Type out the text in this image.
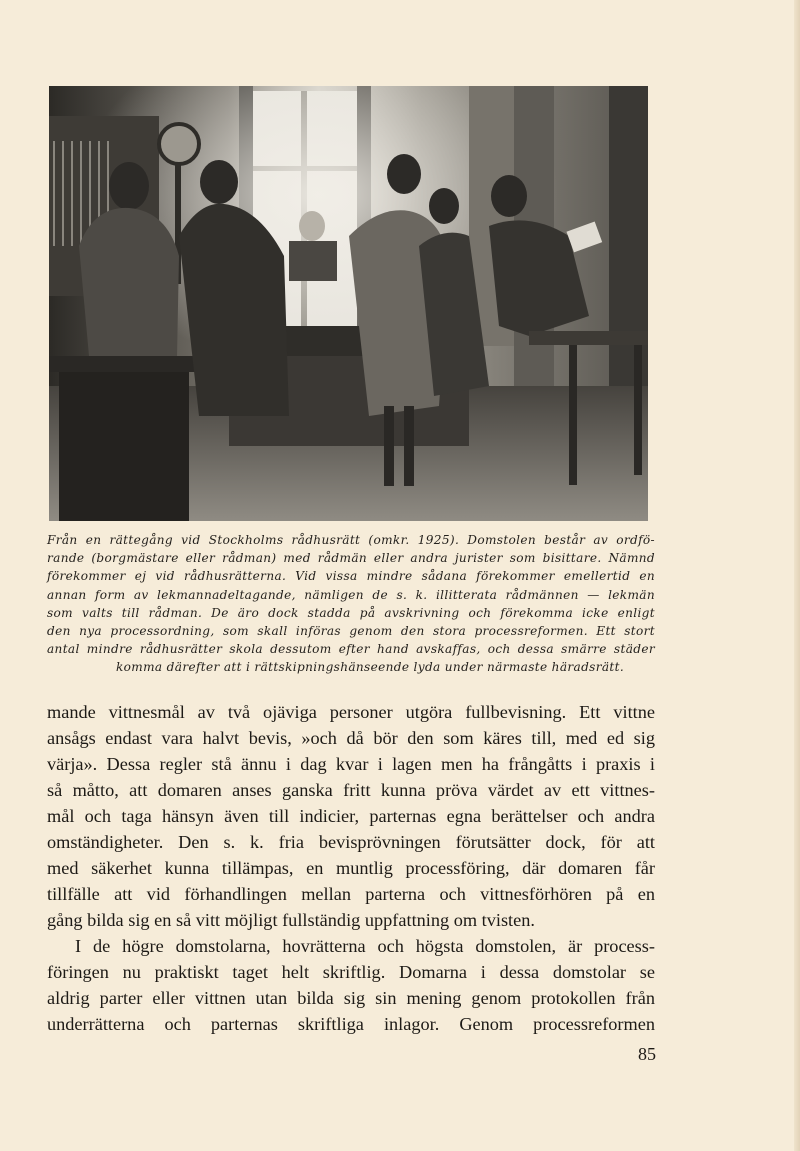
Från en rättegång vid Stockholms rådhusrätt (omkr. 1925). Domstolen består av ordfö-
rande (borgmästare eller rådman) med rådmän eller andra jurister som bisittare. Nämnd
förekommer ej vid rådhusrätterna. Vid vissa mindre sådana förekommer emellertid en
annan form av lekmannadeltagande, nämligen de s. k. illitterata rådmännen — lekmän
som valts till rådman. De äro dock stadda på avskrivning och förekomma icke enligt
den nya processordning, som skall införas genom den stora processreformen. Ett stort
antal mindre rådhusrätter skola dessutom efter hand avskaffas, och dessa smärre städer
komma därefter att i rättskipningshänseende lyda under närmaste häradsrätt.

mande vittnesmål av två ojäviga personer utgöra fullbevisning. Ett vittne
ansågs endast vara halvt bevis, »och då bör den som käres till, med ed sig
värja». Dessa regler stå ännu i dag kvar i lagen men ha frångåtts i praxis i
så måtto, att domaren anses ganska fritt kunna pröva värdet av ett vittnes-
mål och taga hänsyn även till indicier, parternas egna berättelser och andra
omständigheter. Den s. k. fria bevisprövningen förutsätter dock, för att
med säkerhet kunna tillämpas, en muntlig processföring, där domaren får
tillfälle att vid förhandlingen mellan parterna och vittnesförhören på en
gång bilda sig en så vitt möjligt fullständig uppfattning om tvisten.
I de högre domstolarna, hovrätterna och högsta domstolen, är process-
föringen nu praktiskt taget helt skriftlig. Domarna i dessa domstolar se
aldrig parter eller vittnen utan bilda sig sin mening genom protokollen från
underrätterna och parternas skriftliga inlagor. Genom processreformen
85
